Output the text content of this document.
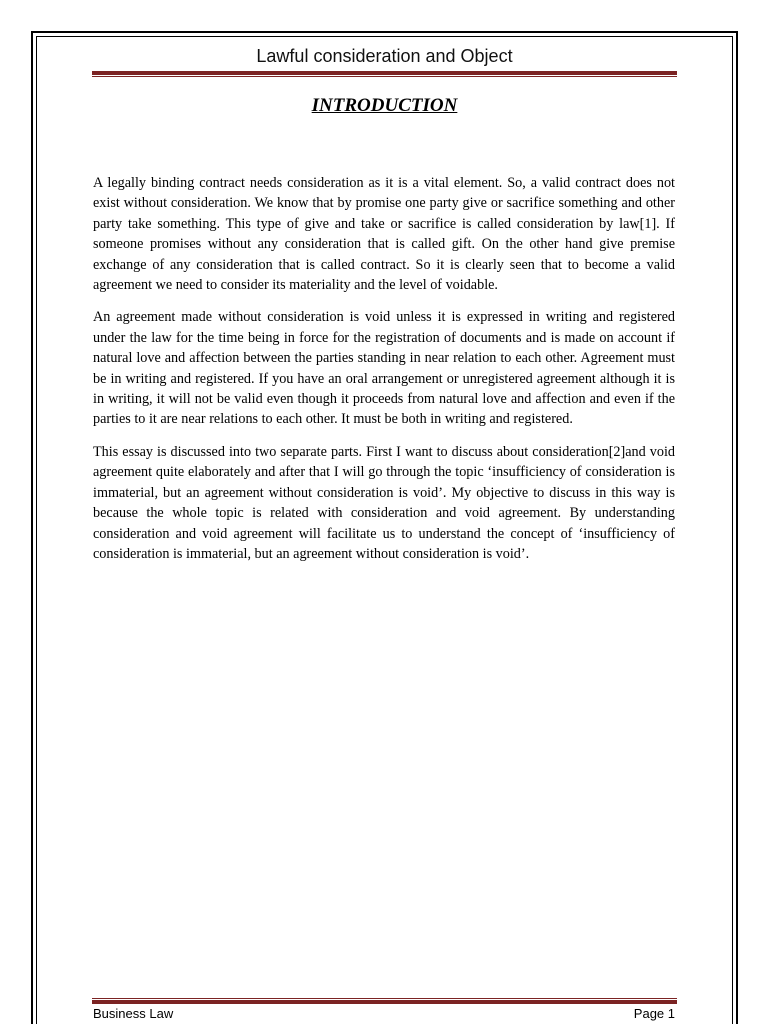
Lawful consideration and Object
INTRODUCTION

A legally binding contract needs consideration as it is a vital element. So, a valid contract does not exist without consideration. We know that by promise one party give or sacrifice something and other party take something. This type of give and take or sacrifice is called consideration by law[1]. If someone promises without any consideration that is called gift. On the other hand give premise exchange of any consideration that is called contract. So it is clearly seen that to become a valid agreement we need to consider its materiality and the level of voidable.

An agreement made without consideration is void unless it is expressed in writing and registered under the law for the time being in force for the registration of documents and is made on account if natural love and affection between the parties standing in near relation to each other. Agreement must be in writing and registered. If you have an oral arrangement or unregistered agreement although it is in writing, it will not be valid even though it proceeds from natural love and affection and even if the parties to it are near relations to each other. It must be both in writing and registered.

This essay is discussed into two separate parts. First I want to discuss about consideration[2]and void agreement quite elaborately and after that I will go through the topic ‘insufficiency of consideration is immaterial, but an agreement without consideration is void’. My objective to discuss in this way is because the whole topic is related with consideration and void agreement. By understanding consideration and void agreement will facilitate us to understand the concept of ‘insufficiency of consideration is immaterial, but an agreement without consideration is void’.

Business Law	Page 1
